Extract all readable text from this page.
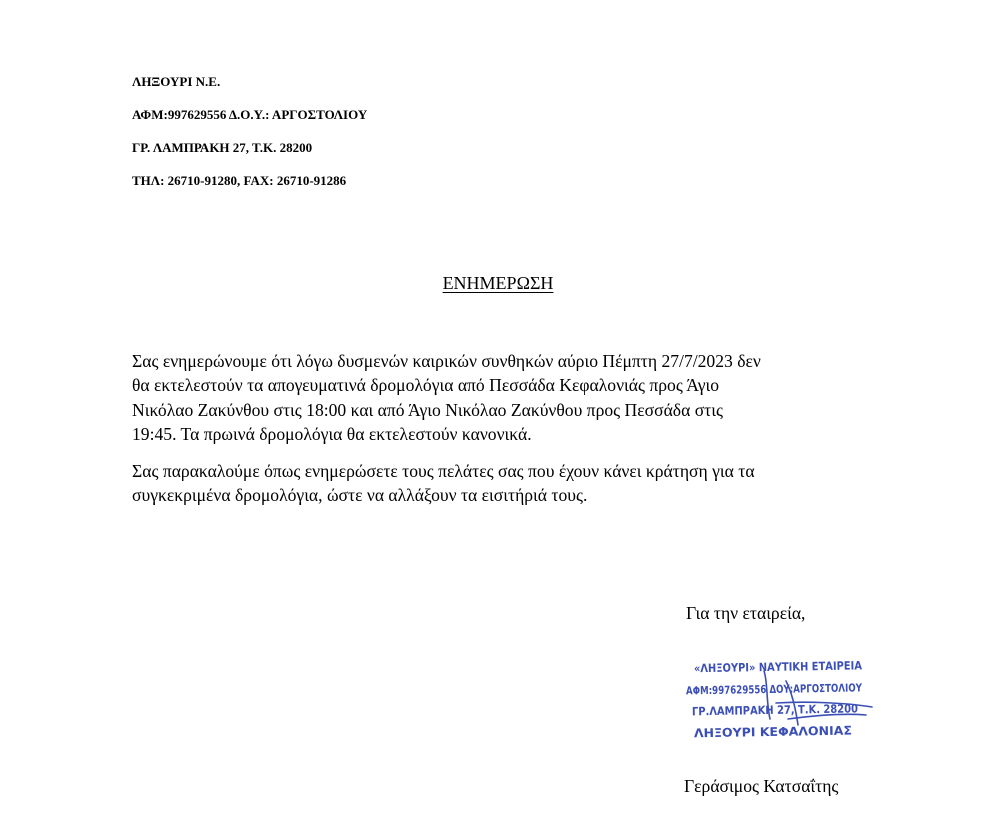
ΛΗΞΟΥΡΙ Ν.Ε.
ΑΦΜ:997629556 Δ.Ο.Υ.: ΑΡΓΟΣΤΟΛΙΟΥ
ΓΡ. ΛΑΜΠΡΑΚΗ 27, Τ.Κ. 28200
ΤΗΛ: 26710-91280, FAX: 26710-91286
ΕΝΗΜΕΡΩΣΗ

Σας ενημερώνουμε ότι λόγω δυσμενών καιρικών συνθηκών αύριο Πέμπτη 27/7/2023 δεν
θα εκτελεστούν τα απογευματινά δρομολόγια από Πεσσάδα Κεφαλονιάς προς Άγιο
Νικόλαο Ζακύνθου στις 18:00 και από Άγιο Νικόλαο Ζακύνθου προς Πεσσάδα στις
19:45. Τα πρωινά δρομολόγια θα εκτελεστούν κανονικά.

Σας παρακαλούμε όπως ενημερώσετε τους πελάτες σας που έχουν κάνει κράτηση για τα
συγκεκριμένα δρομολόγια, ώστε να αλλάξουν τα εισιτήριά τους.

Για την εταιρεία,
«ΛΗΞΟΥΡΙ» ΝΑΥΤΙΚΗ ΕΤΑΙΡΕΙΑ
ΑΦΜ:997629556 ΔΟΥ:ΑΡΓΟΣΤΟΛΙΟΥ
ΓΡ.ΛΑΜΠΡΑΚΗ 27, Τ.Κ. 28200
ΛΗΞΟΥΡΙ ΚΕΦΑΛΟΝΙΑΣ
Γεράσιμος Κατσαΐτης
